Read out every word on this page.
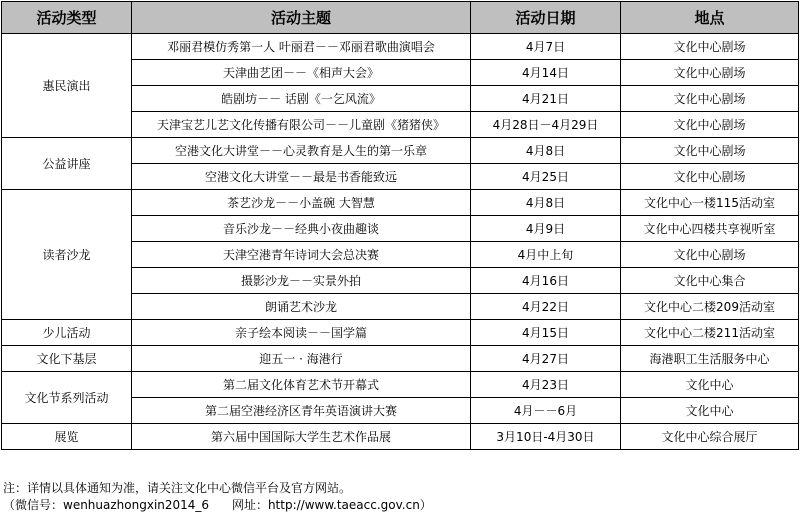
活动类型	活动主题	活动日期	地点
惠民演出	邓丽君模仿秀第一人 叶丽君－－邓丽君歌曲演唱会	4月7日	文化中心剧场
	天津曲艺团－－《相声大会》	4月14日	文化中心剧场
	皓剧坊－－ 话剧《一乞风流》	4月21日	文化中心剧场
	天津宝艺儿艺文化传播有限公司－－儿童剧《猪猪侠》	4月28日－4月29日	文化中心剧场
公益讲座	空港文化大讲堂－－心灵教育是人生的第一乐章	4月8日	文化中心剧场
	空港文化大讲堂－－最是书香能致远	4月25日	文化中心剧场
读者沙龙	茶艺沙龙－－小盖碗 大智慧	4月8日	文化中心一楼115活动室
	音乐沙龙－－经典小夜曲趣谈	4月9日	文化中心四楼共享视听室
	天津空港青年诗词大会总决赛	4月中上旬	文化中心剧场
	摄影沙龙－－实景外拍	4月16日	文化中心集合
	朗诵艺术沙龙	4月22日	文化中心二楼209活动室
少儿活动	亲子绘本阅读－－国学篇	4月15日	文化中心二楼211活动室
文化下基层	迎五一 · 海港行	4月27日	海港职工生活服务中心
文化节系列活动	第二届文化体育艺术节开幕式	4月23日	文化中心
	第二届空港经济区青年英语演讲大赛	4月－－6月	文化中心
展览	第六届中国国际大学生艺术作品展	3月10日-4月30日	文化中心综合展厅
注：详情以具体通知为准，请关注文化中心微信平台及官方网站。
（微信号：wenhuazhongxin2014_6      网址：http://www.taeacc.gov.cn）
